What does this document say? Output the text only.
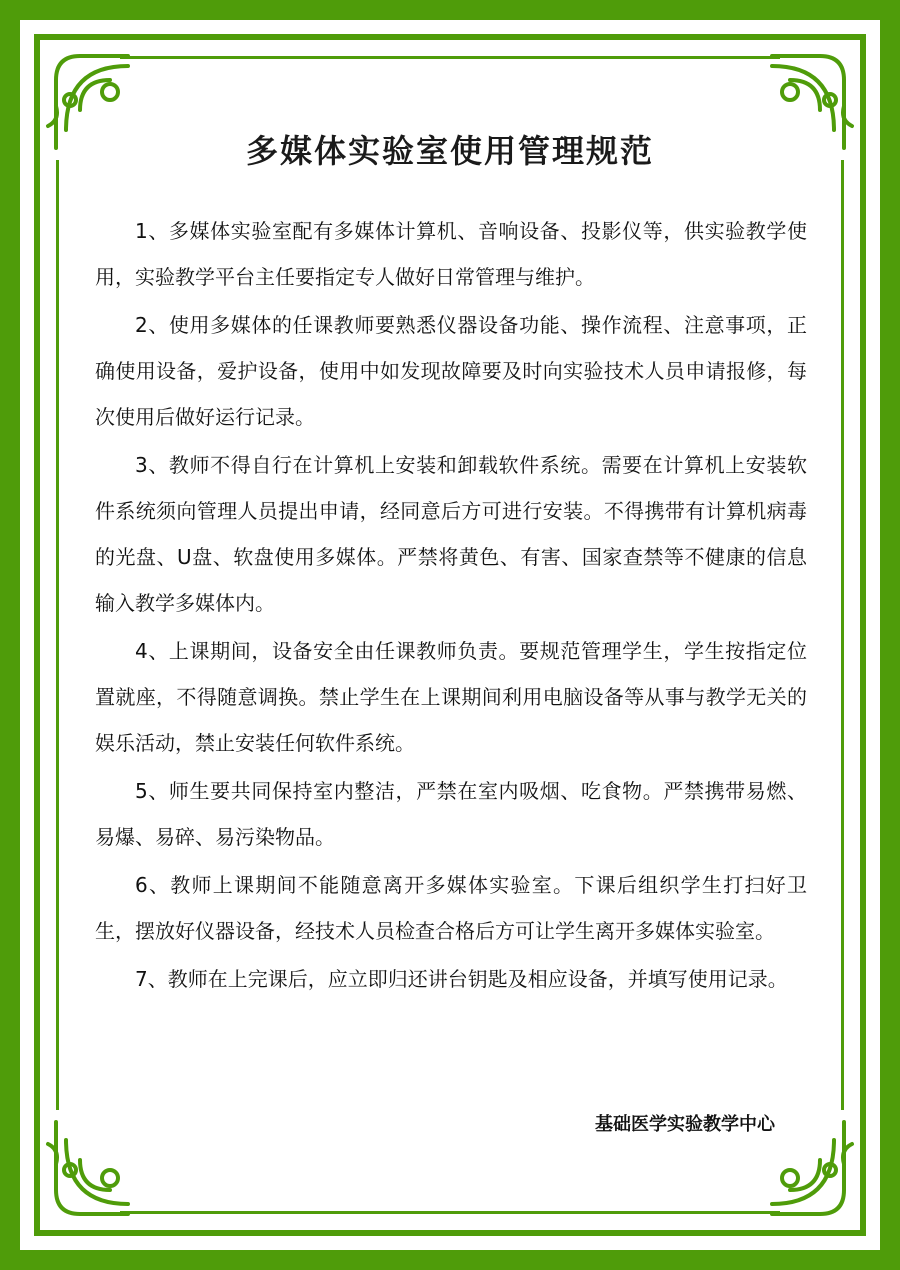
多媒体实验室使用管理规范

1、多媒体实验室配有多媒体计算机、音响设备、投影仪等，供实验教学使用，实验教学平台主任要指定专人做好日常管理与维护。

2、使用多媒体的任课教师要熟悉仪器设备功能、操作流程、注意事项，正确使用设备，爱护设备，使用中如发现故障要及时向实验技术人员申请报修，每次使用后做好运行记录。

3、教师不得自行在计算机上安装和卸载软件系统。需要在计算机上安装软件系统须向管理人员提出申请，经同意后方可进行安装。不得携带有计算机病毒的光盘、U盘、软盘使用多媒体。严禁将黄色、有害、国家查禁等不健康的信息输入教学多媒体内。

4、上课期间，设备安全由任课教师负责。要规范管理学生，学生按指定位置就座，不得随意调换。禁止学生在上课期间利用电脑设备等从事与教学无关的娱乐活动，禁止安装任何软件系统。

5、师生要共同保持室内整洁，严禁在室内吸烟、吃食物。严禁携带易燃、易爆、易碎、易污染物品。

6、教师上课期间不能随意离开多媒体实验室。下课后组织学生打扫好卫生，摆放好仪器设备，经技术人员检查合格后方可让学生离开多媒体实验室。

7、教师在上完课后，应立即归还讲台钥匙及相应设备，并填写使用记录。

基础医学实验教学中心
